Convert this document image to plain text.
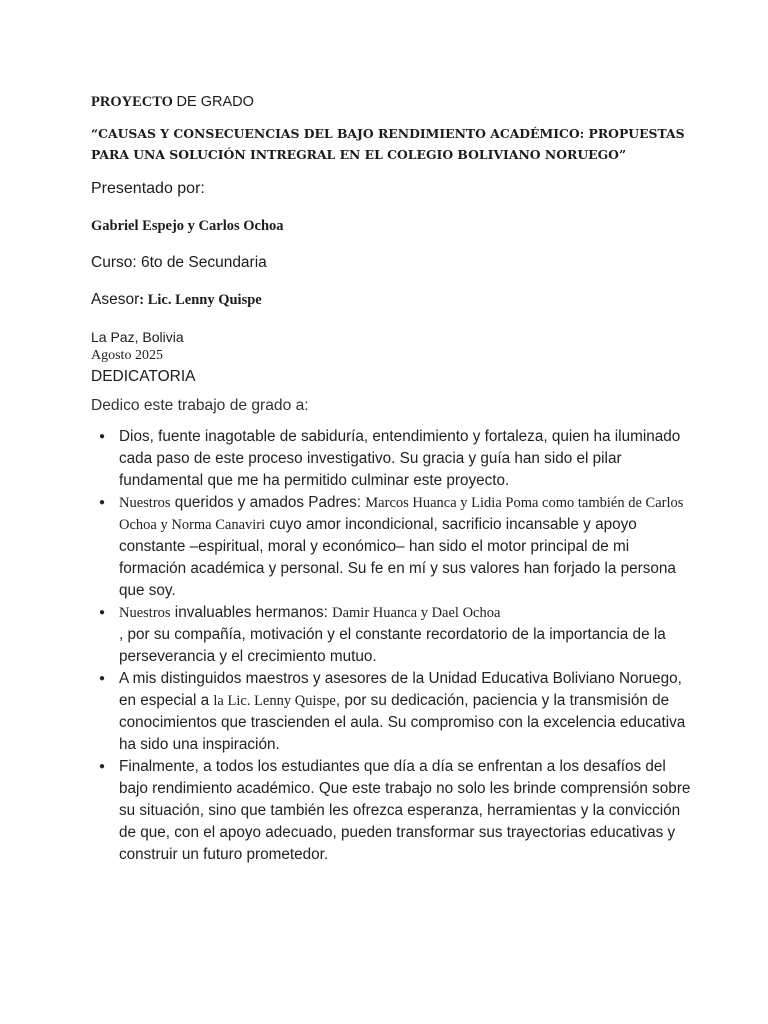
PROYECTO DE GRADO
“CAUSAS Y CONSECUENCIAS DEL BAJO RENDIMIENTO ACADÉMICO: PROPUESTAS PARA UNA SOLUCIÓN INTREGRAL EN EL COLEGIO BOLIVIANO NORUEGO”
Presentado por:
Gabriel Espejo y Carlos Ochoa
Curso: 6to de Secundaria
Asesor: Lic. Lenny Quispe
La Paz, Bolivia
Agosto 2025
DEDICATORIA
Dedico este trabajo de grado a:
● Dios, fuente inagotable de sabiduría, entendimiento y fortaleza, quien ha iluminado cada paso de este proceso investigativo. Su gracia y guía han sido el pilar fundamental que me ha permitido culminar este proyecto.
● Nuestros queridos y amados Padres: Marcos Huanca y Lidia Poma como también de Carlos Ochoa y Norma Canaviri cuyo amor incondicional, sacrificio incansable y apoyo constante –espiritual, moral y económico– han sido el motor principal de mi formación académica y personal. Su fe en mí y sus valores han forjado la persona que soy.
● Nuestros invaluables hermanos: Damir Huanca y Dael Ochoa
, por su compañía, motivación y el constante recordatorio de la importancia de la perseverancia y el crecimiento mutuo.
● A mis distinguidos maestros y asesores de la Unidad Educativa Boliviano Noruego, en especial a la Lic. Lenny Quispe, por su dedicación, paciencia y la transmisión de conocimientos que trascienden el aula. Su compromiso con la excelencia educativa ha sido una inspiración.
● Finalmente, a todos los estudiantes que día a día se enfrentan a los desafíos del bajo rendimiento académico. Que este trabajo no solo les brinde comprensión sobre su situación, sino que también les ofrezca esperanza, herramientas y la convicción de que, con el apoyo adecuado, pueden transformar sus trayectorias educativas y construir un futuro prometedor.
